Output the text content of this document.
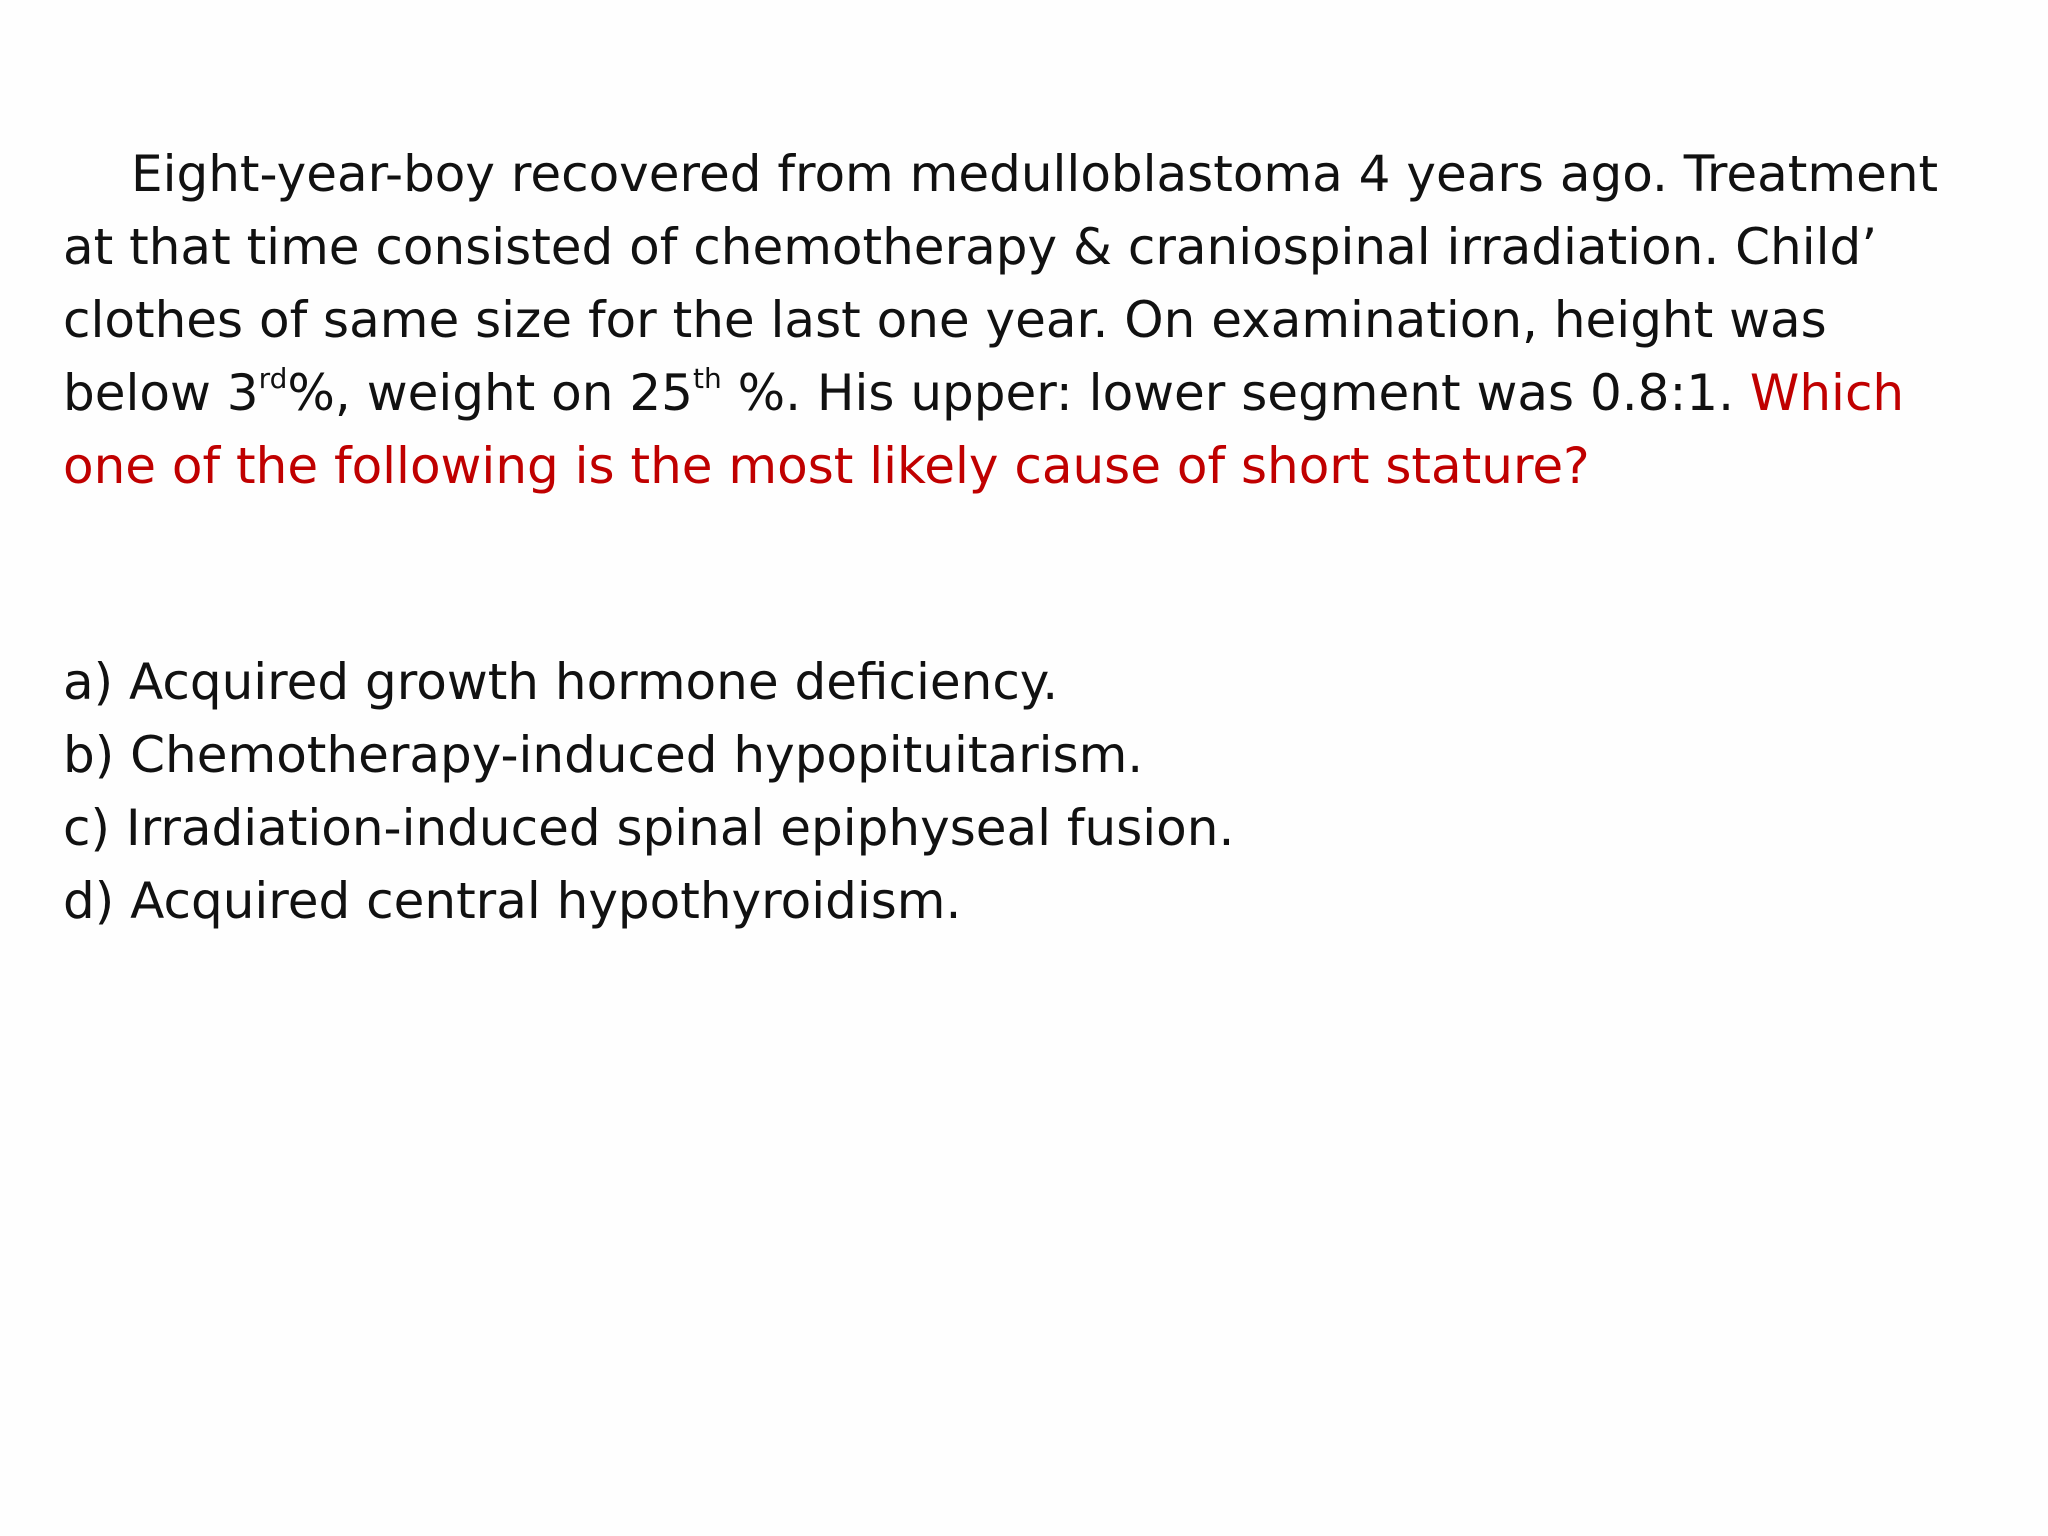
Eight-year-boy recovered from medulloblastoma 4 years ago. Treatment at that time consisted of chemotherapy & craniospinal irradiation. Child’ clothes of same size for the last one year. On examination, height was below 3rd%, weight on 25th %. His upper: lower segment was 0.8:1. Which one of the following is the most likely cause of short stature?

a) Acquired growth hormone deficiency.
b) Chemotherapy-induced hypopituitarism.
c) Irradiation-induced spinal epiphyseal fusion.
d) Acquired central hypothyroidism.
